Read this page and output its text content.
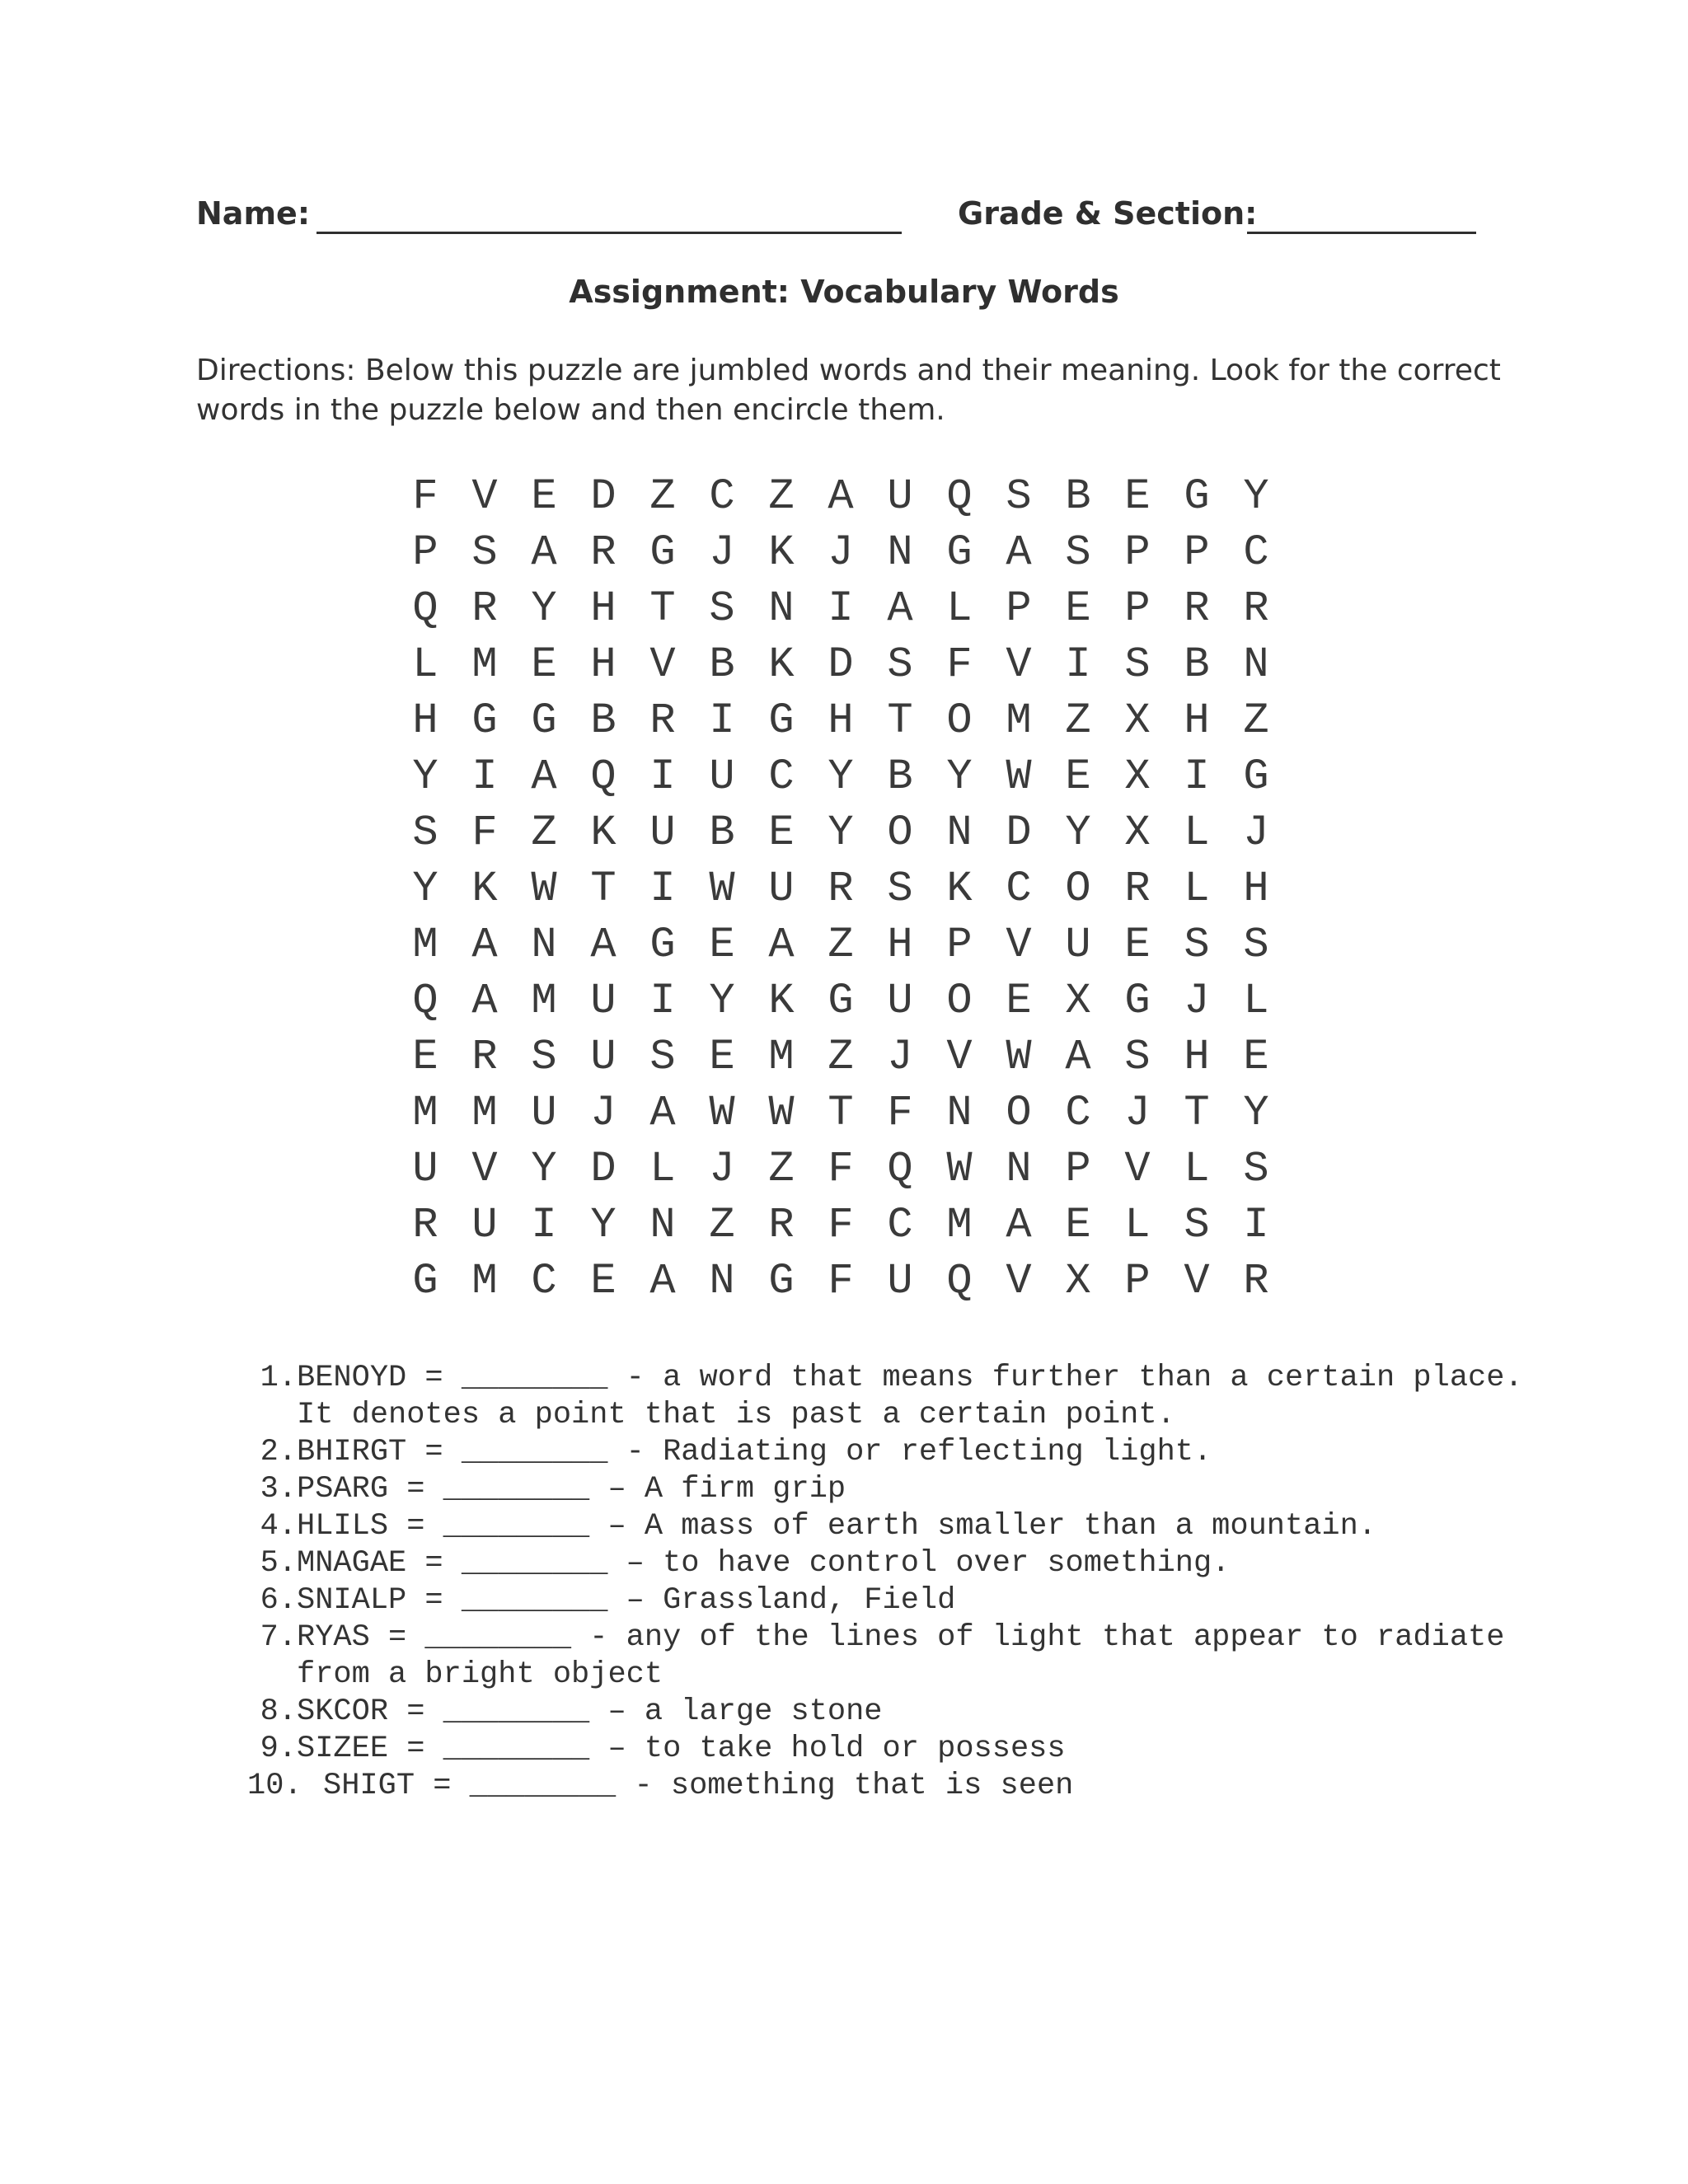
Name:	Grade & Section:
Assignment: Vocabulary Words
Directions: Below this puzzle are jumbled words and their meaning. Look for the correct words in the puzzle below and then encircle them.
F V E D Z C Z A U Q S B E G Y
P S A R G J K J N G A S P P C
Q R Y H T S N I A L P E P R R
L M E H V B K D S F V I S B N
H G G B R I G H T O M Z X H Z
Y I A Q I U C Y B Y W E X I G
S F Z K U B E Y O N D Y X L J
Y K W T I W U R S K C O R L H
M A N A G E A Z H P V U E S S
Q A M U I Y K G U O E X G J L
E R S U S E M Z J V W A S H E
M M U J A W W T F N O C J T Y
U V Y D L J Z F Q W N P V L S
R U I Y N Z R F C M A E L S I
G M C E A N G F U Q V X P V R
1. BENOYD = ________ - a word that means further than a certain place. It denotes a point that is past a certain point.
2. BHIRGT = ________ - Radiating or reflecting light.
3. PSARG = ________ – A firm grip
4. HLILS = ________ – A mass of earth smaller than a mountain.
5. MNAGAE = ________ – to have control over something.
6. SNIALP = ________ – Grassland, Field
7. RYAS = ________ - any of the lines of light that appear to radiate from a bright object
8. SKCOR = ________ – a large stone
9. SIZEE = ________ – to take hold or possess
10. SHIGT = ________ - something that is seen
